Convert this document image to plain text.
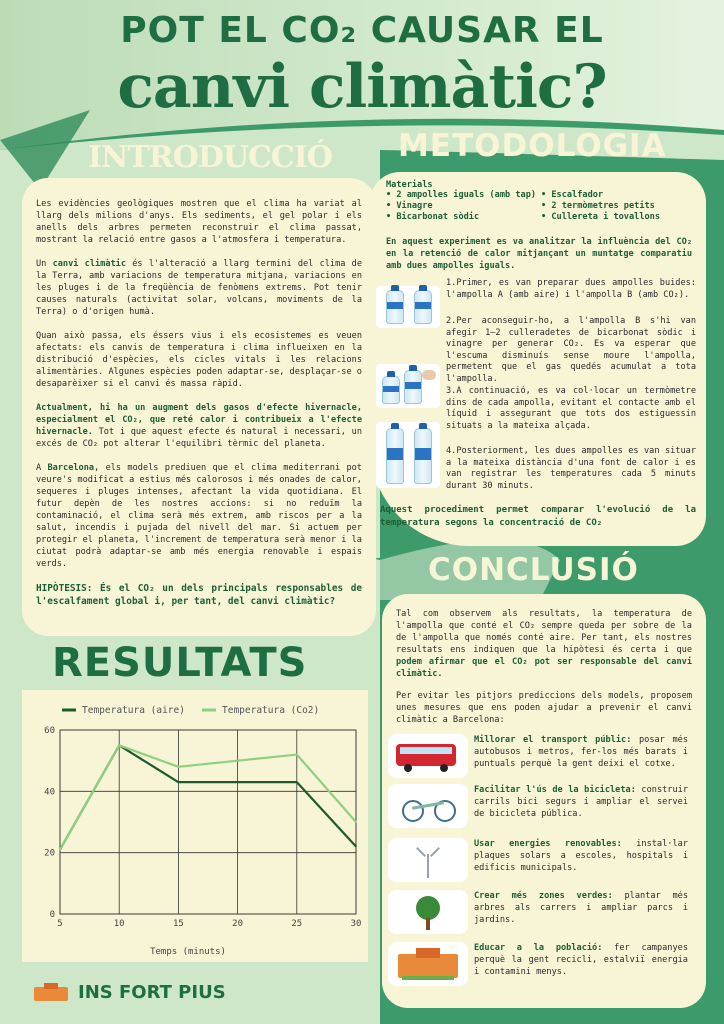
POT EL CO₂ CAUSAR EL
canvi climàtic?
INTRODUCCIÓ

Les evidències geològiques mostren que el clima ha variat al llarg dels milions d'anys. Els sediments, el gel polar i els anells dels arbres permeten reconstruir el clima passat, mostrant la relació entre gasos a l'atmosfera i temperatura.

Un canvi climàtic és l'alteració a llarg termini del clima de la Terra, amb variacions de temperatura mitjana, variacions en les pluges i de la freqüència de fenòmens extrems. Pot tenir causes naturals (activitat solar, volcans, moviments de la Terra) o d'origen humà.

Quan això passa, els éssers vius i els ecosistemes es veuen afectats: els canvis de temperatura i clima influeixen en la distribució d'espècies, els cicles vitals i les relacions alimentàries. Algunes espècies poden adaptar-se, desplaçar-se o desaparèixer si el canvi és massa ràpid.

Actualment, hi ha un augment dels gasos d'efecte hivernacle, especialment el CO₂, que reté calor i contribueix a l'efecte hivernacle. Tot i que aquest efecte és natural i necessari, un excés de CO₂ pot alterar l'equilibri tèrmic del planeta.

A Barcelona, els models prediuen que el clima mediterrani pot veure's modificat a estius més calorosos i més onades de calor, sequeres i pluges intenses, afectant la vida quotidiana. El futur depèn de les nostres accions: si no reduïm la contaminació, el clima serà més extrem, amb riscos per a la salut, incendis i pujada del nivell del mar. Si actuem per protegir el planeta, l'increment de temperatura serà menor i la ciutat podrà adaptar-se amb més energia renovable i espais verds.

HIPÒTESIS: És el CO₂ un dels principals responsables de l'escalfament global i, per tant, del canvi climàtic?
METODOLOGIA
Materials
• 2 ampolles iguals (amb tap) • Escalfador
• Vinagre	• 2 termòmetres petits
• Bicarbonat sòdic	• Cullereta i tovallons
En aquest experiment es va analitzar la influència del CO₂ en la retenció de calor mitjançant un muntatge comparatiu amb dues ampolles iguals.
1.Primer, es van preparar dues ampolles buides: l'ampolla A (amb aire) i l'ampolla B (amb CO₂).
2.Per aconseguir-ho, a l'ampolla B s'hi van afegir 1–2 culleradetes de bicarbonat sòdic i vinagre per generar CO₂. Es va esperar que l'escuma disminuís sense moure l'ampolla, permetent que el gas quedés acumulat a tota l'ampolla.
3.A continuació, es va col·locar un termòmetre dins de cada ampolla, evitant el contacte amb el líquid i assegurant que tots dos estiguessin situats a la mateixa alçada.
4.Posteriorment, les dues ampolles es van situar a la mateixa distància d'una font de calor i es van registrar les temperatures cada 5 minuts durant 30 minuts.
Aquest procediment permet comparar l'evolució de la temperatura segons la concentració de CO₂
CONCLUSIÓ

Tal com observem als resultats, la temperatura de l'ampolla que conté el CO₂ sempre queda per sobre de la de l'ampolla que només conté aire. Per tant, els nostres resultats ens indiquen que la hipòtesi és certa i que podem afirmar que el CO₂ pot ser responsable del canvi climàtic.

Per evitar les pitjors prediccions dels models, proposem unes mesures que ens poden ajudar a prevenir el canvi climàtic a Barcelona:

Millorar el transport públic: posar més autobusos i metros, fer-los més barats i puntuals perquè la gent deixi el cotxe.
Facilitar l'ús de la bicicleta: construir carrils bici segurs i ampliar el servei de bicicleta pública.
Usar energies renovables: instal·lar plaques solars a escoles, hospitals i edificis municipals.
Crear més zones verdes: plantar més arbres als carrers i ampliar parcs i jardins.
Educar a la població: fer campanyes perquè la gent recicli, estalviï energia i contamini menys.
RESULTATS
0
20
40
60
5	10	15	20	25	30
Temps (minuts)
Temperatura (aire)	Temperatura (Co2)
INS FORT PIUS
